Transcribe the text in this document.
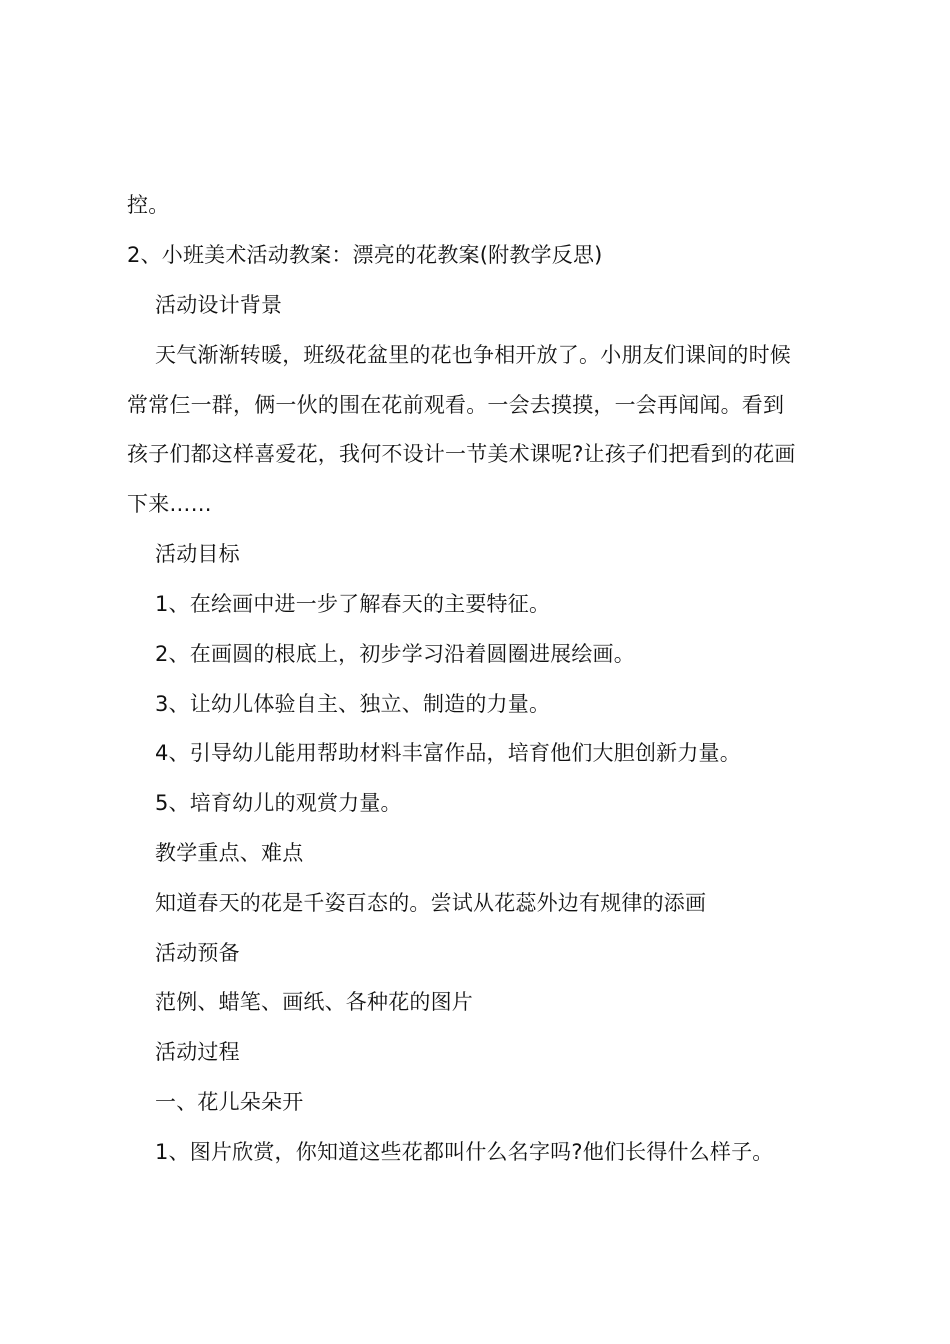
控。
2、小班美术活动教案：漂亮的花教案(附教学反思)
活动设计背景
天气渐渐转暖，班级花盆里的花也争相开放了。小朋友们课间的时候
常常仨一群，俩一伙的围在花前观看。一会去摸摸，一会再闻闻。看到
孩子们都这样喜爱花，我何不设计一节美术课呢?让孩子们把看到的花画
下来……
活动目标
1、在绘画中进一步了解春天的主要特征。
2、在画圆的根底上，初步学习沿着圆圈进展绘画。
3、让幼儿体验自主、独立、制造的力量。
4、引导幼儿能用帮助材料丰富作品，培育他们大胆创新力量。
5、培育幼儿的观赏力量。
教学重点、难点
知道春天的花是千姿百态的。尝试从花蕊外边有规律的添画
活动预备
范例、蜡笔、画纸、各种花的图片
活动过程
一、花儿朵朵开
1、图片欣赏，你知道这些花都叫什么名字吗?他们长得什么样子。
